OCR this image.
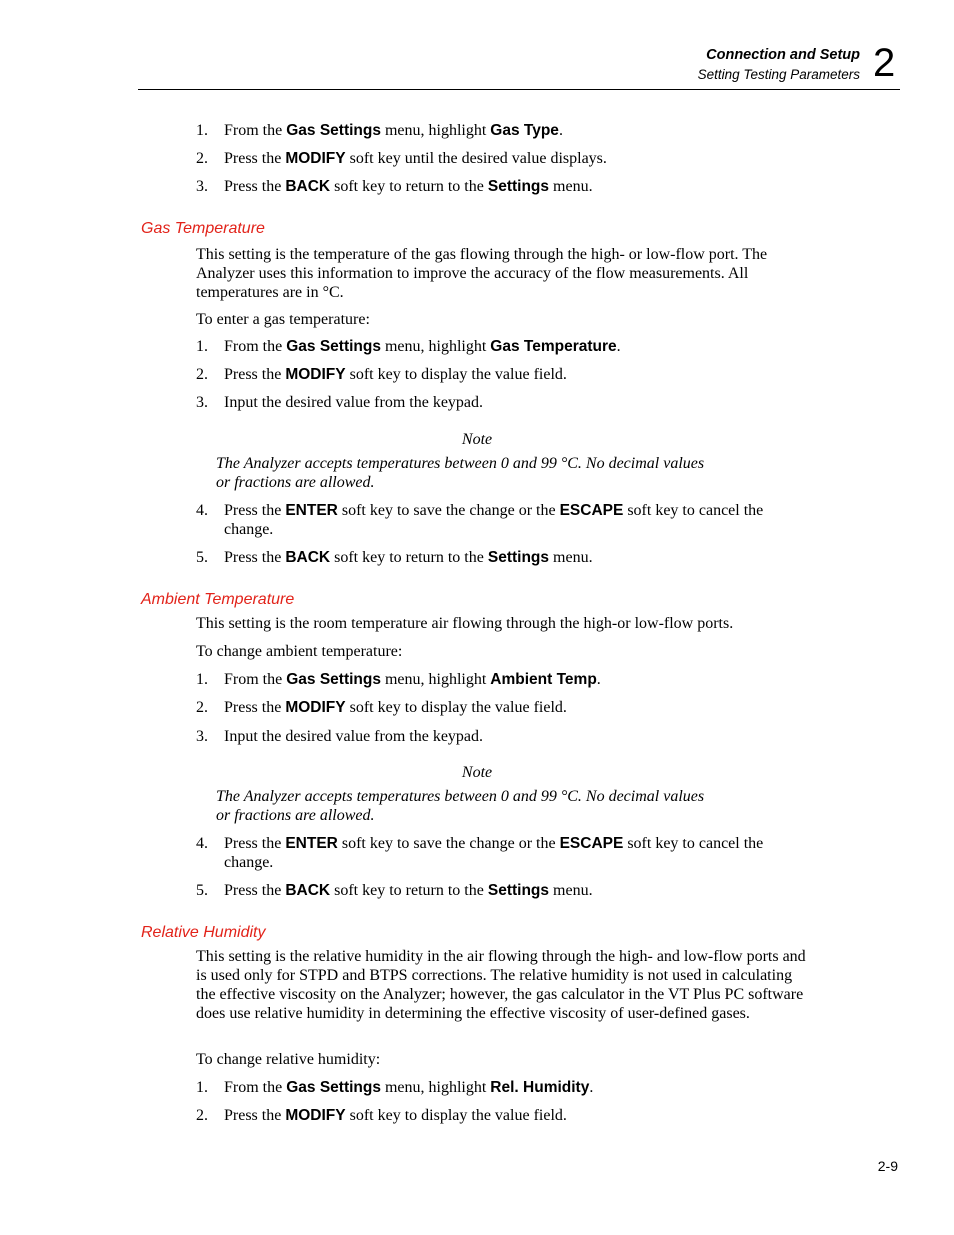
Connection and Setup
Setting Testing Parameters 2
1. From the Gas Settings menu, highlight Gas Type.
2. Press the MODIFY soft key until the desired value displays.
3. Press the BACK soft key to return to the Settings menu.
Gas Temperature
This setting is the temperature of the gas flowing through the high- or low-flow port. The Analyzer uses this information to improve the accuracy of the flow measurements. All temperatures are in °C.
To enter a gas temperature:
1. From the Gas Settings menu, highlight Gas Temperature.
2. Press the MODIFY soft key to display the value field.
3. Input the desired value from the keypad.
Note
The Analyzer accepts temperatures between 0 and 99 °C. No decimal values or fractions are allowed.
4. Press the ENTER soft key to save the change or the ESCAPE soft key to cancel the change.
5. Press the BACK soft key to return to the Settings menu.
Ambient Temperature
This setting is the room temperature air flowing through the high-or low-flow ports.
To change ambient temperature:
1. From the Gas Settings menu, highlight Ambient Temp.
2. Press the MODIFY soft key to display the value field.
3. Input the desired value from the keypad.
Note
The Analyzer accepts temperatures between 0 and 99 °C. No decimal values or fractions are allowed.
4. Press the ENTER soft key to save the change or the ESCAPE soft key to cancel the change.
5. Press the BACK soft key to return to the Settings menu.
Relative Humidity
This setting is the relative humidity in the air flowing through the high- and low-flow ports and is used only for STPD and BTPS corrections. The relative humidity is not used in calculating the effective viscosity on the Analyzer; however, the gas calculator in the VT Plus PC software does use relative humidity in determining the effective viscosity of user-defined gases.
To change relative humidity:
1. From the Gas Settings menu, highlight Rel. Humidity.
2. Press the MODIFY soft key to display the value field.
2-9
